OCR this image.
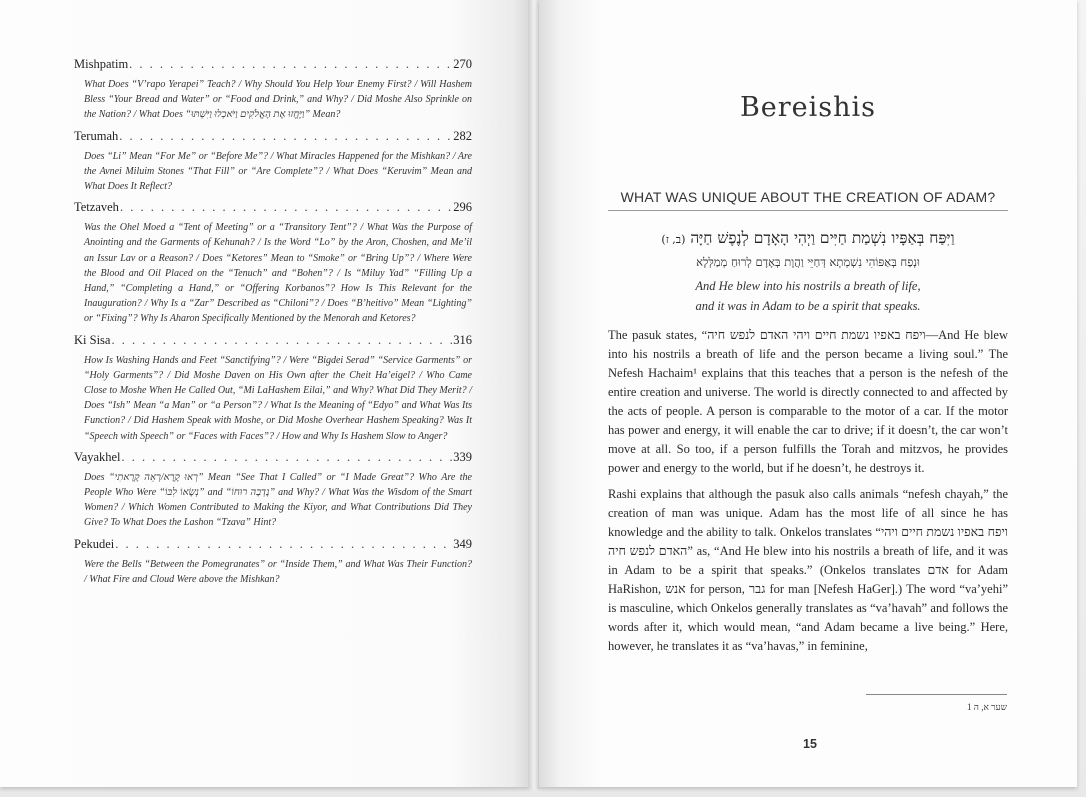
Mishpatim . . .	270
What Does “V’rapo Yerapei” Teach? / Why Should You Help Your Enemy First? / Will Hashem Bless “Your Bread and Water” or “Food and Drink,” and Why? / Did Moshe Also Sprinkle on the Nation? / What Does “וַיֶּחֱזוּ אֶת הָאֱלֹקִים וַיֹּאכְלוּ וַיִּשְׁתּוּ” Mean?
Terumah . . .	282
Does “Li” Mean “For Me” or “Before Me”? / What Miracles Happened for the Mishkan? / Are the Avnei Miluim Stones “That Fill” or “Are Complete”? / What Does “Keruvim” Mean and What Does It Reflect?
Tetzaveh . . .	296
Was the Ohel Moed a “Tent of Meeting” or a “Transitory Tent”? / What Was the Purpose of Anointing and the Garments of Kehunah? / Is the Word “Lo” by the Aron, Choshen, and Me’il an Issur Lav or a Reason? / Does “Ketores” Mean to “Smoke” or “Bring Up”? / Where Were the Blood and Oil Placed on the “Tenuch” and “Bohen”? / Is “Miluy Yad” “Filling Up a Hand,” “Completing a Hand,” or “Offering Korbanos”? How Is This Relevant for the Inauguration? / Why Is a “Zar” Described as “Chiloni”? / Does “B’heitivo” Mean “Lighting” or “Fixing”? Why Is Aharon Specifically Mentioned by the Menorah and Ketores?
Ki Sisa . . .	316
How Is Washing Hands and Feet “Sanctifying”? / Were “Bigdei Serad” “Service Garments” or “Holy Garments”? / Did Moshe Daven on His Own after the Cheit Ha’eigel? / Who Came Close to Moshe When He Called Out, “Mi LaHashem Eilai,” and Why? What Did They Merit? / Does “Ish” Mean “a Man” or “a Person”? / What Is the Meaning of “Edyo” and What Was Its Function? / Did Hashem Speak with Moshe, or Did Moshe Overhear Hashem Speaking? Was It “Speech with Speech” or “Faces with Faces”? / How and Why Is Hashem Slow to Anger?
Vayakhel . . .	339
Does “רְאוּ קָרָא/רְאֵה קָרָאתִי” Mean “See That I Called” or “I Made Great”? Who Are the People Who Were “נְשָׂאוֹ לִבּוֹ” and “נָדְבָה רוּחוֹ” and Why? / What Was the Wisdom of the Smart Women? / Which Women Contributed to Making the Kiyor, and What Contributions Did They Give? To What Does the Lashon “Tzava” Hint?
Pekudei . . .	349
Were the Bells “Between the Pomegranates” or “Inside Them,” and What Was Their Function? / What Fire and Cloud Were above the Mishkan?
Bereishis
WHAT WAS UNIQUE ABOUT THE CREATION OF ADAM?
וַיִּפַּח בְּאַפָּיו נִשְׁמַת חַיִּים וַיְהִי הָאָדָם לְנֶפֶשׁ חַיָּה (ב, ז)
וּנְפַח בְּאַפּוֹהִי נִשְׁמְתָא דְּחַיֵּי וַהֲוָת בְּאָדָם לְרוּחַ מְמַלְּלָא
And He blew into his nostrils a breath of life,
and it was in Adam to be a spirit that speaks.

The pasuk states, “ויפח באפיו נשמת חיים ויהי האדם לנפש חיה—And He blew into his nostrils a breath of life and the person became a living soul.” The Nefesh Hachaim¹ explains that this teaches that a person is the nefesh of the entire creation and universe. The world is directly connected to and affected by the acts of people. A person is comparable to the motor of a car. If the motor has power and energy, it will enable the car to drive; if it doesn’t, the car won’t move at all. So too, if a person fulfills the Torah and mitzvos, he provides power and energy to the world, but if he doesn’t, he destroys it.

Rashi explains that although the pasuk also calls animals “nefesh chayah,” the creation of man was unique. Adam has the most life of all since he has knowledge and the ability to talk. Onkelos translates “ויפח באפיו נשמת חיים ויהי האדם לנפש חיה” as, “And He blew into his nostrils a breath of life, and it was in Adam to be a spirit that speaks.” (Onkelos translates אדם for Adam HaRishon, אנש for person, גבר for man [Nefesh HaGer].) The word “va’yehi” is masculine, which Onkelos generally translates as “va’havah” and follows the words after it, which would mean, “and Adam became a live being.” Here, however, he translates it as “va’havas,” in feminine,

שער א, ה 1
15
